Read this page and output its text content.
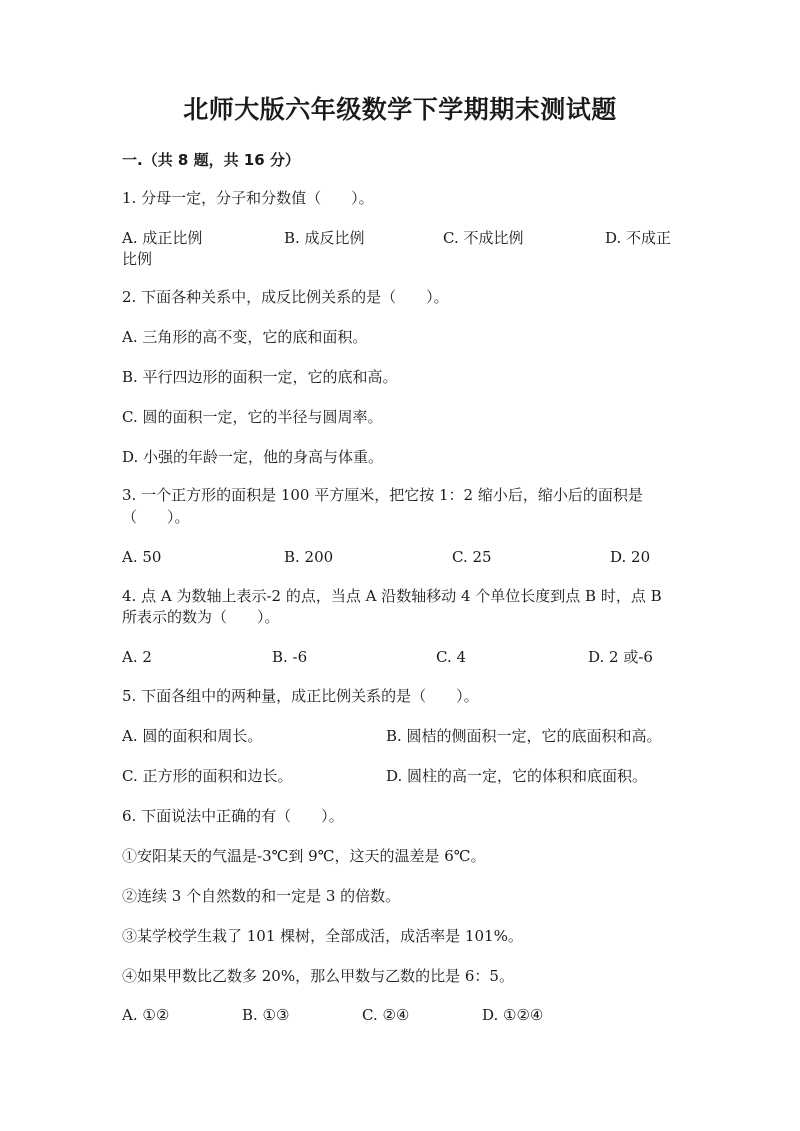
北师大版六年级数学下学期期末测试题
一.（共 8 题，共 16 分）
1. 分母一定，分子和分数值（　　）。
A. 成正比例	B. 成反比例	C. 不成比例	D. 不成正
比例
2. 下面各种关系中，成反比例关系的是（　　）。
A. 三角形的高不变，它的底和面积。
B. 平行四边形的面积一定，它的底和高。
C. 圆的面积一定，它的半径与圆周率。
D. 小强的年龄一定，他的身高与体重。
3. 一个正方形的面积是 100 平方厘米，把它按 1：2 缩小后，缩小后的面积是
（　　）。
A. 50	B. 200	C. 25	D. 20
4. 点 A 为数轴上表示-2 的点，当点 A 沿数轴移动 4 个单位长度到点 B 时，点 B
所表示的数为（　　）。
A. 2	B. -6	C. 4	D. 2 或-6
5. 下面各组中的两种量，成正比例关系的是（　　）。
A. 圆的面积和周长。	B. 圆桔的侧面积一定，它的底面积和高。
C. 正方形的面积和边长。	D. 圆柱的高一定，它的体积和底面积。
6. 下面说法中正确的有（　　）。
①安阳某天的气温是-3℃到 9℃，这天的温差是 6℃。
②连续 3 个自然数的和一定是 3 的倍数。
③某学校学生栽了 101 棵树，全部成活，成活率是 101%。
④如果甲数比乙数多 20%，那么甲数与乙数的比是 6：5。
A. ①②	B. ①③	C. ②④	D. ①②④
